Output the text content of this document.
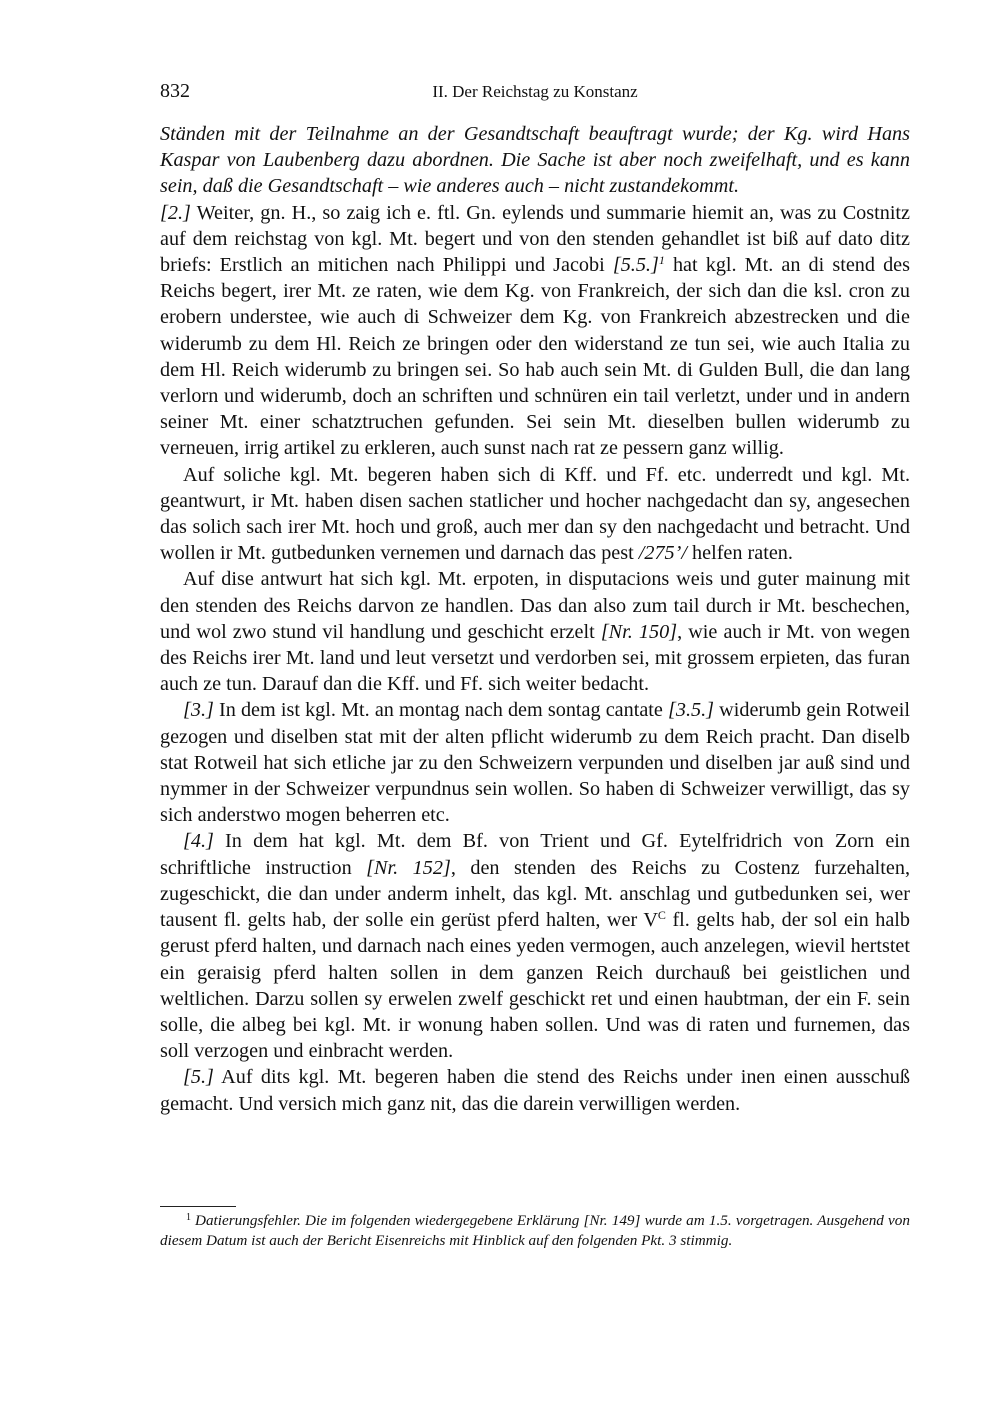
832	II. Der Reichstag zu Konstanz

Ständen mit der Teilnahme an der Gesandtschaft beauftragt wurde; der Kg. wird Hans Kaspar von Laubenberg dazu abordnen. Die Sache ist aber noch zweifelhaft, und es kann sein, daß die Gesandtschaft – wie anderes auch – nicht zustandekommt.

[2.] Weiter, gn. H., so zaig ich e. ftl. Gn. eylends und summarie hiemit an, was zu Costnitz auf dem reichstag von kgl. Mt. begert und von den stenden gehandlet ist biß auf dato ditz briefs: Erstlich an mitichen nach Philippi und Jacobi $[5.5.]^1$ hat kgl. Mt. an di stend des Reichs begert, irer Mt. ze raten, wie dem Kg. von Frankreich, der sich dan die ksl. cron zu erobern understee, wie auch di Schweizer dem Kg. von Frankreich abzestrecken und die widerumb zu dem Hl. Reich ze bringen oder den widerstand ze tun sei, wie auch Italia zu dem Hl. Reich widerumb zu bringen sei. So hab auch sein Mt. di Gulden Bull, die dan lang verlorn und widerumb, doch an schriften und schnüren ein tail verletzt, under und in andern seiner Mt. einer schatztruchen gefunden. Sei sein Mt. dieselben bullen widerumb zu verneuen, irrig artikel zu erkleren, auch sunst nach rat ze pessern ganz willig.

Auf soliche kgl. Mt. begeren haben sich di Kff. und Ff. etc. underredt und kgl. Mt. geantwurt, ir Mt. haben disen sachen statlicher und hocher nachgedacht dan sy, angesechen das solich sach irer Mt. hoch und groß, auch mer dan sy den nachgedacht und betracht. Und wollen ir Mt. gutbedunken vernemen und darnach das pest /275’/ helfen raten.

Auf dise antwurt hat sich kgl. Mt. erpoten, in disputacions weis und guter mainung mit den stenden des Reichs darvon ze handlen. Das dan also zum tail durch ir Mt. beschechen, und wol zwo stund vil handlung und geschicht erzelt [Nr. 150], wie auch ir Mt. von wegen des Reichs irer Mt. land und leut versetzt und verdorben sei, mit grossem erpieten, das furan auch ze tun. Darauf dan die Kff. und Ff. sich weiter bedacht.

[3.] In dem ist kgl. Mt. an montag nach dem sontag cantate [3.5.] widerumb gein Rotweil gezogen und diselben stat mit der alten pflicht widerumb zu dem Reich pracht. Dan diselb stat Rotweil hat sich etliche jar zu den Schweizern verpunden und diselben jar auß sind und nymmer in der Schweizer verpundnus sein wollen. So haben di Schweizer verwilligt, das sy sich anderstwo mogen beherren etc.

[4.] In dem hat kgl. Mt. dem Bf. von Trient und Gf. Eytelfridrich von Zorn ein schriftliche instruction [Nr. 152], den stenden des Reichs zu Costenz furzehalten, zugeschickt, die dan under anderm inhelt, das kgl. Mt. anschlag und gutbedunken sei, wer tausent fl. gelts hab, der solle ein gerüst pferd halten, wer $V^C$ fl. gelts hab, der sol ein halb gerust pferd halten, und darnach nach eines yeden vermogen, auch anzelegen, wievil hertstet ein geraisig pferd halten sollen in dem ganzen Reich durchauß bei geistlichen und weltlichen. Darzu sollen sy erwelen zwelf geschickt ret und einen haubtman, der ein F. sein solle, die albeg bei kgl. Mt. ir wonung haben sollen. Und was di raten und furnemen, das soll verzogen und einbracht werden.

[5.] Auf dits kgl. Mt. begeren haben die stend des Reichs under inen einen ausschuß gemacht. Und versich mich ganz nit, das die darein verwilligen werden.

$^1$ Datierungsfehler. Die im folgenden wiedergegebene Erklärung [Nr. 149] wurde am 1.5. vorgetragen. Ausgehend von diesem Datum ist auch der Bericht Eisenreichs mit Hinblick auf den folgenden Pkt. 3 stimmig.
